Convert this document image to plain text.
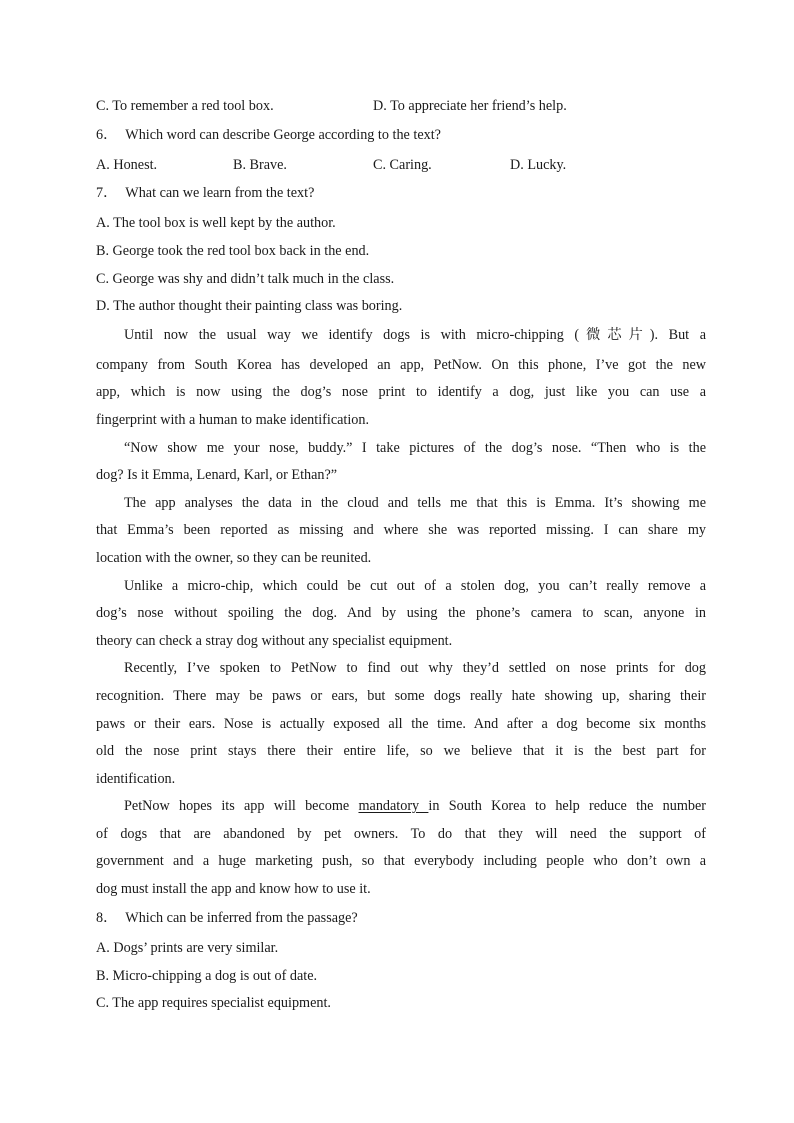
C. To remember a red tool box.	D. To appreciate her friend’s help.
6． Which word can describe George according to the text?
A. Honest.	B. Brave.	C. Caring.	D. Lucky.
7． What can we learn from the text?
A. The tool box is well kept by the author.
B. George took the red tool box back in the end.
C. George was shy and didn’t talk much in the class.
D. The author thought their painting class was boring.
Until now the usual way we identify dogs is with micro-chipping (微芯片). But a
company from South Korea has developed an app, PetNow. On this phone, I’ve got the new
app, which is now using the dog’s nose print to identify a dog, just like you can use a
fingerprint with a human to make identification.
“Now show me your nose, buddy.” I take pictures of the dog’s nose. “Then who is the
dog? Is it Emma, Lenard, Karl, or Ethan?”
The app analyses the data in the cloud and tells me that this is Emma. It’s showing me
that Emma’s been reported as missing and where she was reported missing. I can share my
location with the owner, so they can be reunited.
Unlike a micro-chip, which could be cut out of a stolen dog, you can’t really remove a
dog’s nose without spoiling the dog. And by using the phone’s camera to scan, anyone in
theory can check a stray dog without any specialist equipment.
Recently, I’ve spoken to PetNow to find out why they’d settled on nose prints for dog
recognition. There may be paws or ears, but some dogs really hate showing up, sharing their
paws or their ears. Nose is actually exposed all the time. And after a dog become six months
old the nose print stays there their entire life, so we believe that it is the best part for
identification.
PetNow hopes its app will become mandatory in South Korea to help reduce the number
of dogs that are abandoned by pet owners. To do that they will need the support of
government and a huge marketing push, so that everybody including people who don’t own a
dog must install the app and know how to use it.
8． Which can be inferred from the passage?
A. Dogs’ prints are very similar.
B. Micro-chipping a dog is out of date.
C. The app requires specialist equipment.
